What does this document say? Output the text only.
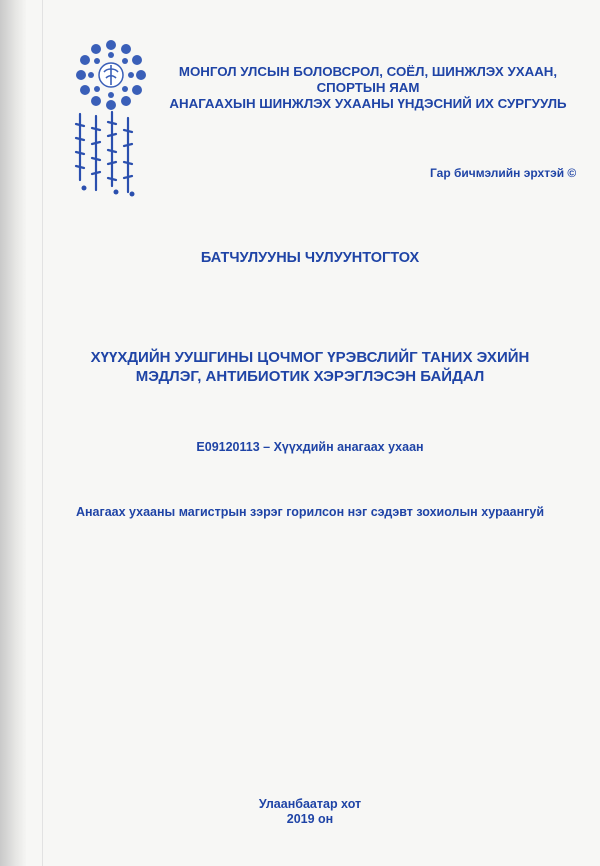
МОНГОЛ УЛСЫН БОЛОВСРОЛ, СОЁЛ, ШИНЖЛЭХ УХААН, СПОРТЫН ЯАМ
АНАГААХЫН ШИНЖЛЭХ УХААНЫ ҮНДЭСНИЙ ИХ СУРГУУЛЬ
Гар бичмэлийн эрхтэй ©
БАТЧУЛУУНЫ ЧУЛУУНТОГТОХ
ХҮҮХДИЙН УУШГИНЫ ЦОЧМОГ ҮРЭВСЛИЙГ ТАНИХ ЭХИЙН
МЭДЛЭГ, АНТИБИОТИК ХЭРЭГЛЭСЭН БАЙДАЛ
Е09120113 – Хүүхдийн анагаах ухаан
Анагаах ухааны магистрын зэрэг горилсон нэг сэдэвт зохиолын хураангуй
Улаанбаатар хот
2019 он
